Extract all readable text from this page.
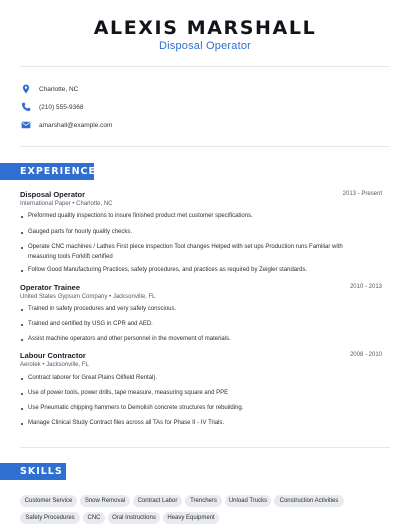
ALEXIS MARSHALL
Disposal Operator
Charlotte, NC
(210) 555-9368
amarshall@example.com
EXPERIENCE
Disposal Operator	2013 - Present
International Paper • Charlotte, NC
Preformed quality inspections to insure finished product met customer specifications.
Gauged parts for hourly quality checks.
Operate CNC machines / Lathes First piece inspection Tool changes Helped with set ups Production runs Familiar with measuring tools Forklift certified
Follow Good Manufacturing Practices, safety procedures, and practices as required by Zeigler standards.
Operator Trainee	2010 - 2013
United States Gypsum Company • Jacksonville, FL
Trained in safety procedures and very safety conscious.
Trained and certified by USG in CPR and AED.
Assist machine operators and other personnel in the movement of materials.
Labour Contractor	2008 - 2010
Aerotek • Jacksonville, FL
Contract laborer for Great Plains Oilfield Rental).
Use of power tools, power drills, tape measure, measuring square and PPE
Use Pneumatic chipping hammers to Demolish concrete structures for rebuilding.
Manage Clinical Study Contract files across all TAs for Phase II - IV Trials.
SKILLS
Customer Service	Snow Removal	Contract Labor	Trenchers	Unload Trucks	Construction Activities
Safety Procedures	CNC	Oral Instructions	Heavy Equipment
